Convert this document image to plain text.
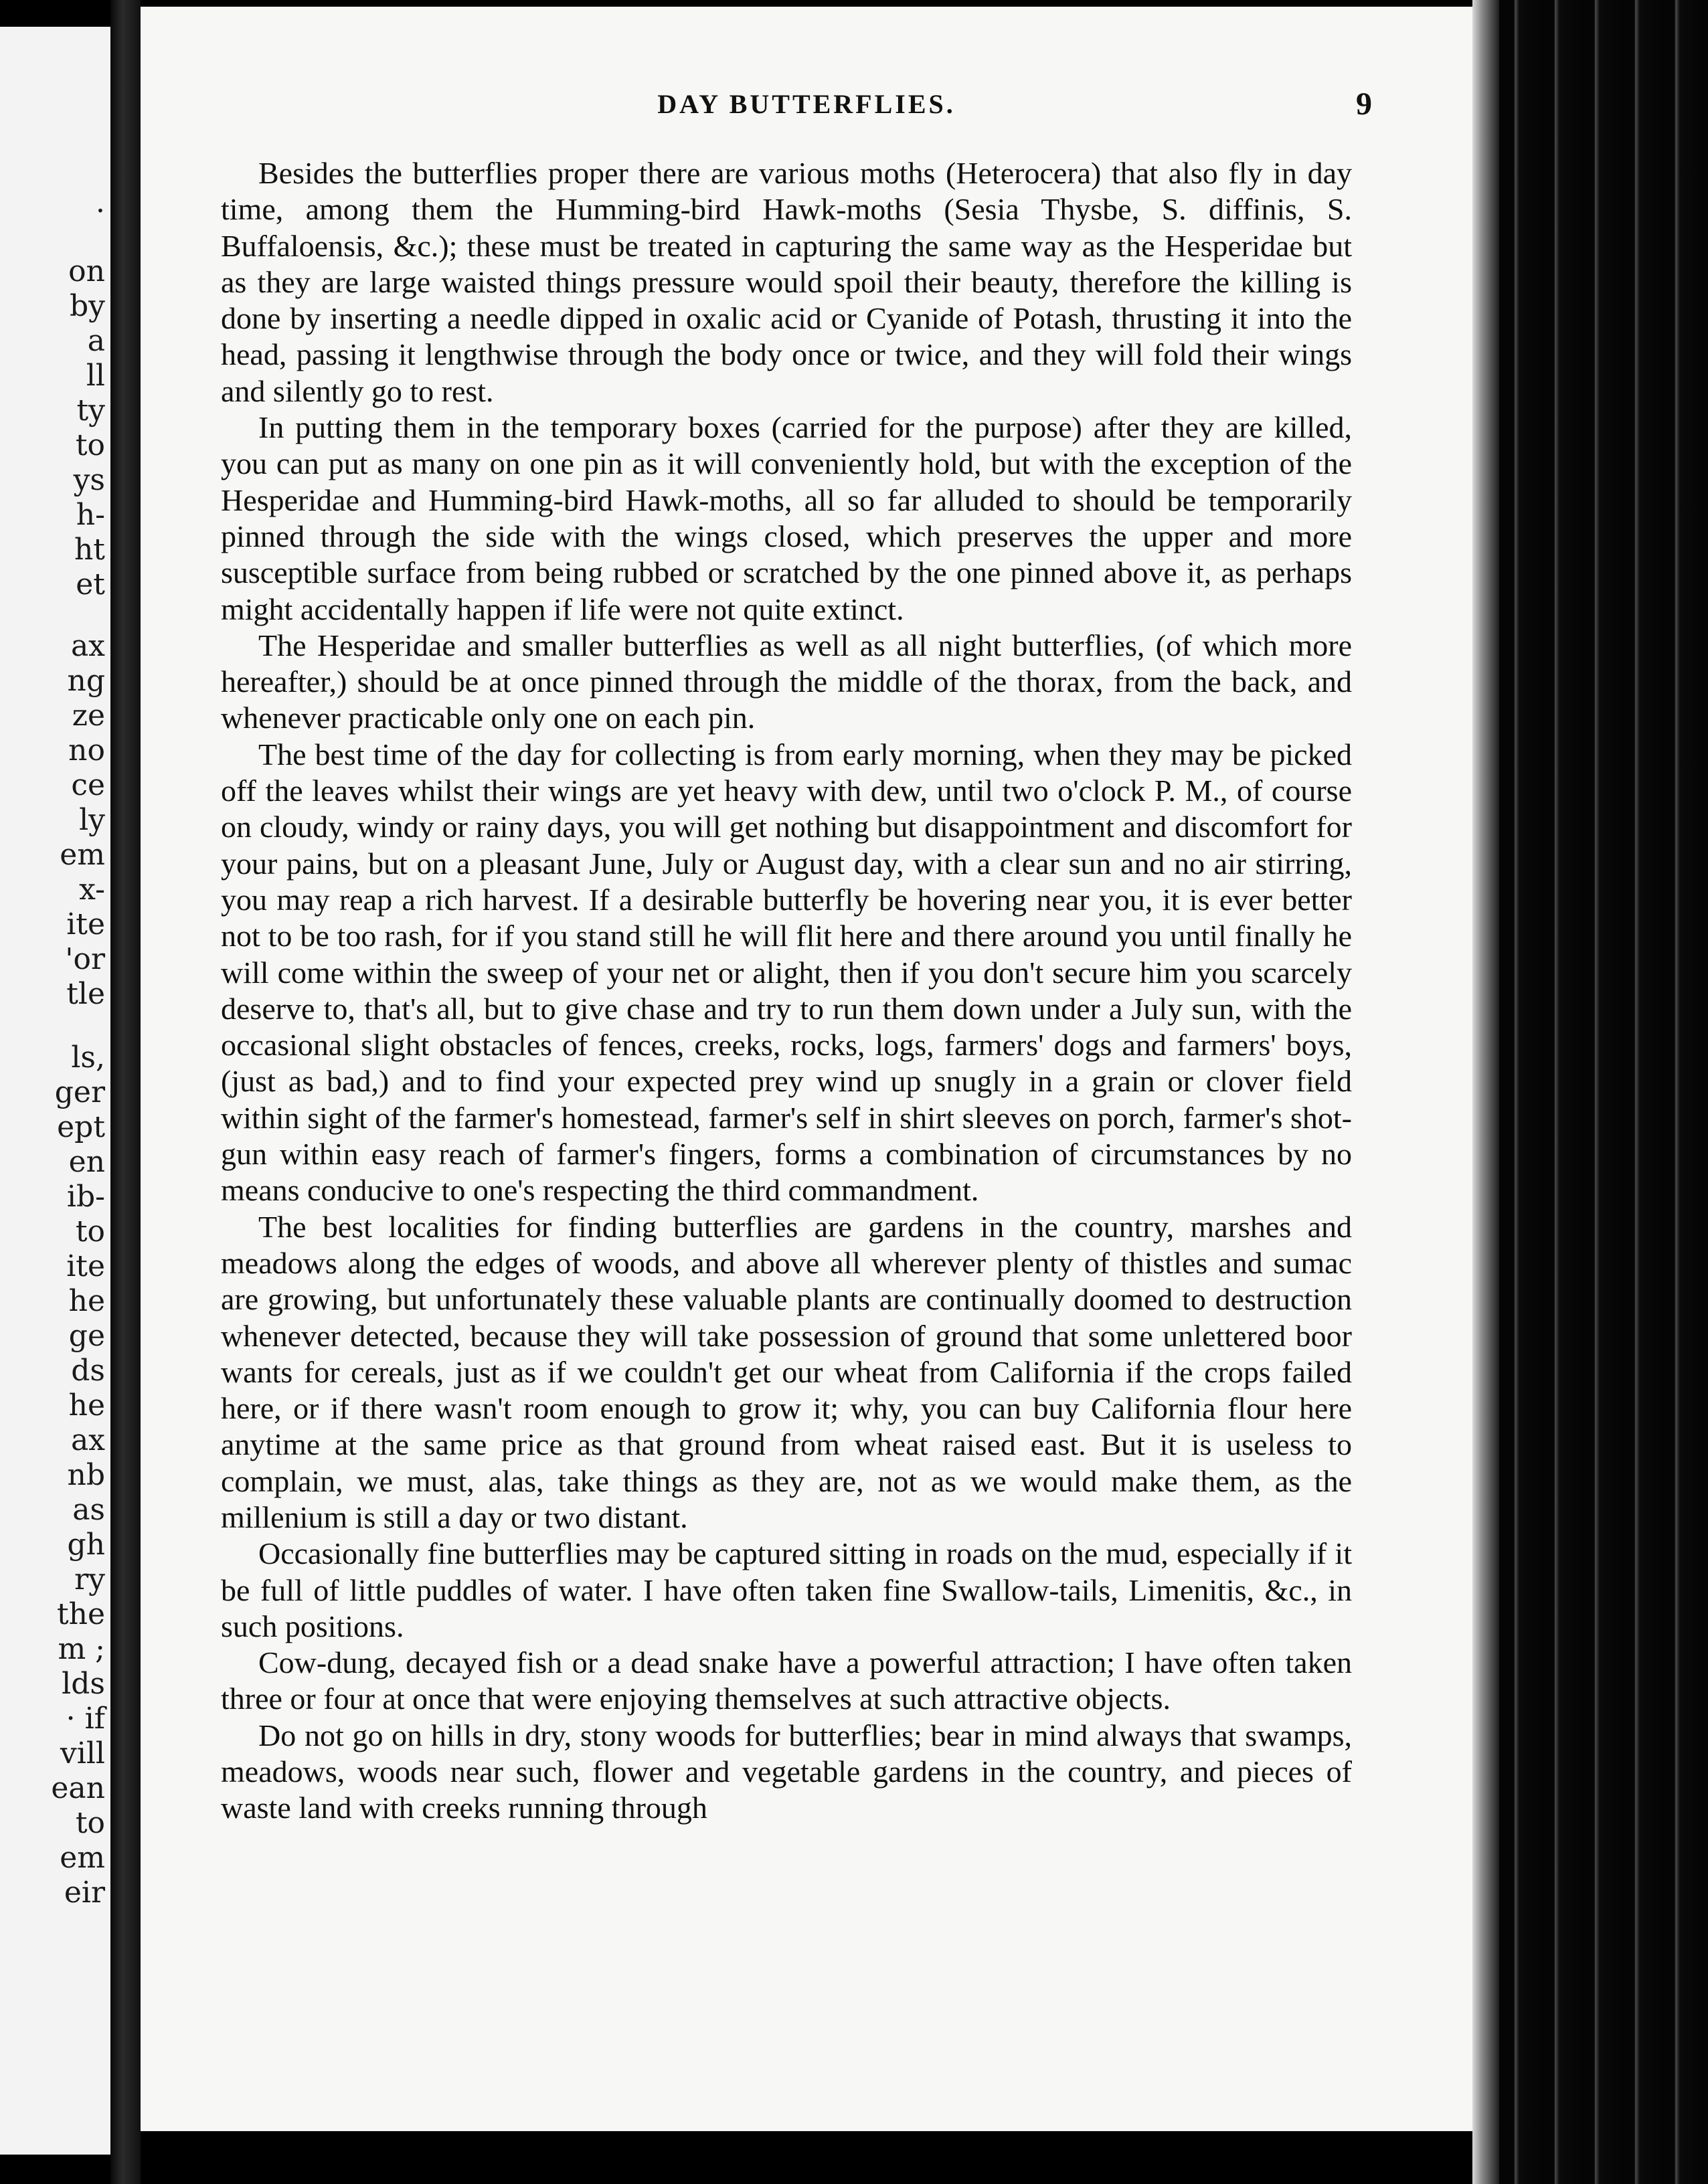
·
on
by
a
ll
ty
to
ys
h-
ht
et
ax
ng
ze
no
ce
ly
em
x-
ite
'or
tle
ls,
ger
ept
en
ib-
to
ite
he
ge
ds
he
ax
nb
as
gh
ry
the
m ;
lds
· if
vill
ean
to
em
eir
DAY BUTTERFLIES.	9

Besides the butterflies proper there are various moths (Heterocera) that also fly in day time, among them the Humming-bird Hawk-moths (Sesia Thysbe, S. diffinis, S. Buffaloensis, &c.); these must be treated in capturing the same way as the Hesperidae but as they are large waisted things pressure would spoil their beauty, therefore the killing is done by inserting a needle dipped in oxalic acid or Cyanide of Potash, thrusting it into the head, passing it lengthwise through the body once or twice, and they will fold their wings and silently go to rest.

In putting them in the temporary boxes (carried for the purpose) after they are killed, you can put as many on one pin as it will conveniently hold, but with the exception of the Hesperidae and Humming-bird Hawk-moths, all so far alluded to should be temporarily pinned through the side with the wings closed, which preserves the upper and more susceptible surface from being rubbed or scratched by the one pinned above it, as perhaps might accidentally happen if life were not quite extinct.

The Hesperidae and smaller butterflies as well as all night butterflies, (of which more hereafter,) should be at once pinned through the middle of the thorax, from the back, and whenever practicable only one on each pin.

The best time of the day for collecting is from early morning, when they may be picked off the leaves whilst their wings are yet heavy with dew, until two o'clock P. M., of course on cloudy, windy or rainy days, you will get nothing but disappointment and discomfort for your pains, but on a pleasant June, July or August day, with a clear sun and no air stirring, you may reap a rich harvest. If a desirable butterfly be hovering near you, it is ever better not to be too rash, for if you stand still he will flit here and there around you until finally he will come within the sweep of your net or alight, then if you don't secure him you scarcely deserve to, that's all, but to give chase and try to run them down under a July sun, with the occasional slight obstacles of fences, creeks, rocks, logs, farmers' dogs and farmers' boys, (just as bad,) and to find your expected prey wind up snugly in a grain or clover field within sight of the farmer's homestead, farmer's self in shirt sleeves on porch, farmer's shot-gun within easy reach of farmer's fingers, forms a combination of circumstances by no means conducive to one's respecting the third commandment.

The best localities for finding butterflies are gardens in the country, marshes and meadows along the edges of woods, and above all wherever plenty of thistles and sumac are growing, but unfortunately these valuable plants are continually doomed to destruction whenever detected, because they will take possession of ground that some unlettered boor wants for cereals, just as if we couldn't get our wheat from California if the crops failed here, or if there wasn't room enough to grow it; why, you can buy California flour here anytime at the same price as that ground from wheat raised east. But it is useless to complain, we must, alas, take things as they are, not as we would make them, as the millenium is still a day or two distant.

Occasionally fine butterflies may be captured sitting in roads on the mud, especially if it be full of little puddles of water. I have often taken fine Swallow-tails, Limenitis, &c., in such positions.

Cow-dung, decayed fish or a dead snake have a powerful attraction; I have often taken three or four at once that were enjoying themselves at such attractive objects.

Do not go on hills in dry, stony woods for butterflies; bear in mind always that swamps, meadows, woods near such, flower and vegetable gardens in the country, and pieces of waste land with creeks running through
